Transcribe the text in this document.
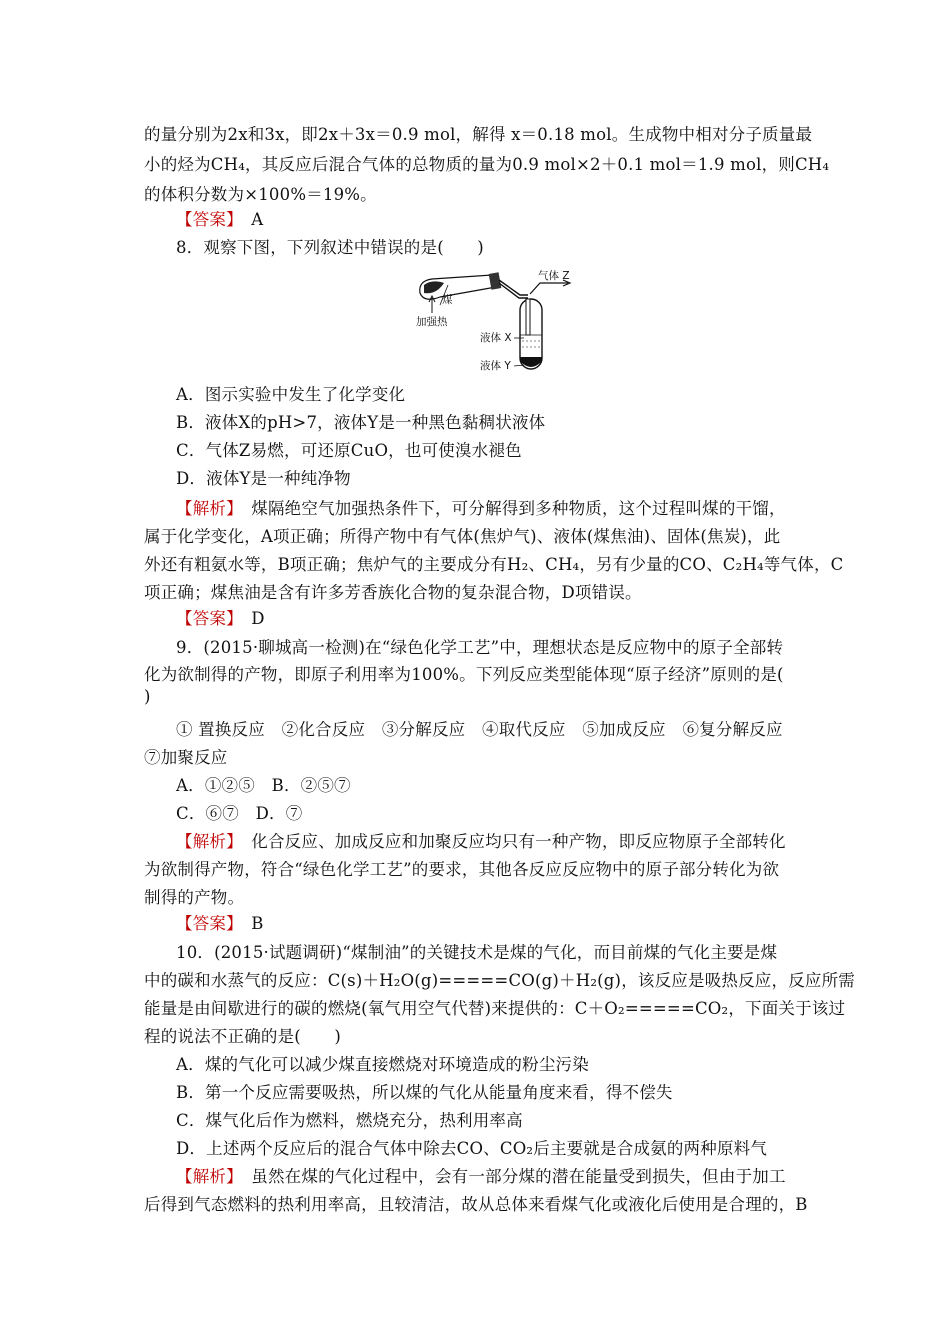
的量分别为2x和3x，即2x＋3x＝0.9 mol，解得 x＝0.18 mol。生成物中相对分子质量最
小的烃为CH₄，其反应后混合气体的总物质的量为0.9 mol×2＋0.1 mol＝1.9 mol，则CH₄
的体积分数为×100%＝19%。
【答案】　 A
8．观察下图，下列叙述中错误的是(　　)
煤
加强热
气体 Z
液体 X
液体 Y
A．图示实验中发生了化学变化
B．液体X的pH>7，液体Y是一种黑色黏稠状液体
C．气体Z易燃，可还原CuO，也可使溴水褪色
D．液体Y是一种纯净物
【解析】　 煤隔绝空气加强热条件下，可分解得到多种物质，这个过程叫煤的干馏，
属于化学变化，A项正确；所得产物中有气体(焦炉气)、液体(煤焦油)、固体(焦炭)，此
外还有粗氨水等，B项正确；焦炉气的主要成分有H₂、CH₄，另有少量的CO、C₂H₄等气体，C
项正确；煤焦油是含有许多芳香族化合物的复杂混合物，D项错误。
【答案】　 D
9．(2015·聊城高一检测)在“绿色化学工艺”中，理想状态是反应物中的原子全部转
化为欲制得的产物，即原子利用率为100%。下列反应类型能体现“原子经济”原则的是(
)
① 置换反应　②化合反应　③分解反应　④取代反应　⑤加成反应　⑥复分解反应
⑦加聚反应
A．①②⑤　B．②⑤⑦
C．⑥⑦　D．⑦
【解析】　 化合反应、加成反应和加聚反应均只有一种产物，即反应物原子全部转化
为欲制得产物，符合“绿色化学工艺”的要求，其他各反应反应物中的原子部分转化为欲
制得的产物。
【答案】　 B
10．(2015·试题调研)“煤制油”的关键技术是煤的气化，而目前煤的气化主要是煤
中的碳和水蒸气的反应：C(s)＋H₂O(g)=====CO(g)＋H₂(g)，该反应是吸热反应，反应所需
能量是由间歇进行的碳的燃烧(氧气用空气代替)来提供的：C＋O₂=====CO₂，下面关于该过
程的说法不正确的是(　　)
A．煤的气化可以减少煤直接燃烧对环境造成的粉尘污染
B．第一个反应需要吸热，所以煤的气化从能量角度来看，得不偿失
C．煤气化后作为燃料，燃烧充分，热利用率高
D．上述两个反应后的混合气体中除去CO、CO₂后主要就是合成氨的两种原料气
【解析】　 虽然在煤的气化过程中，会有一部分煤的潜在能量受到损失，但由于加工
后得到气态燃料的热利用率高，且较清洁，故从总体来看煤气化或液化后使用是合理的，B
